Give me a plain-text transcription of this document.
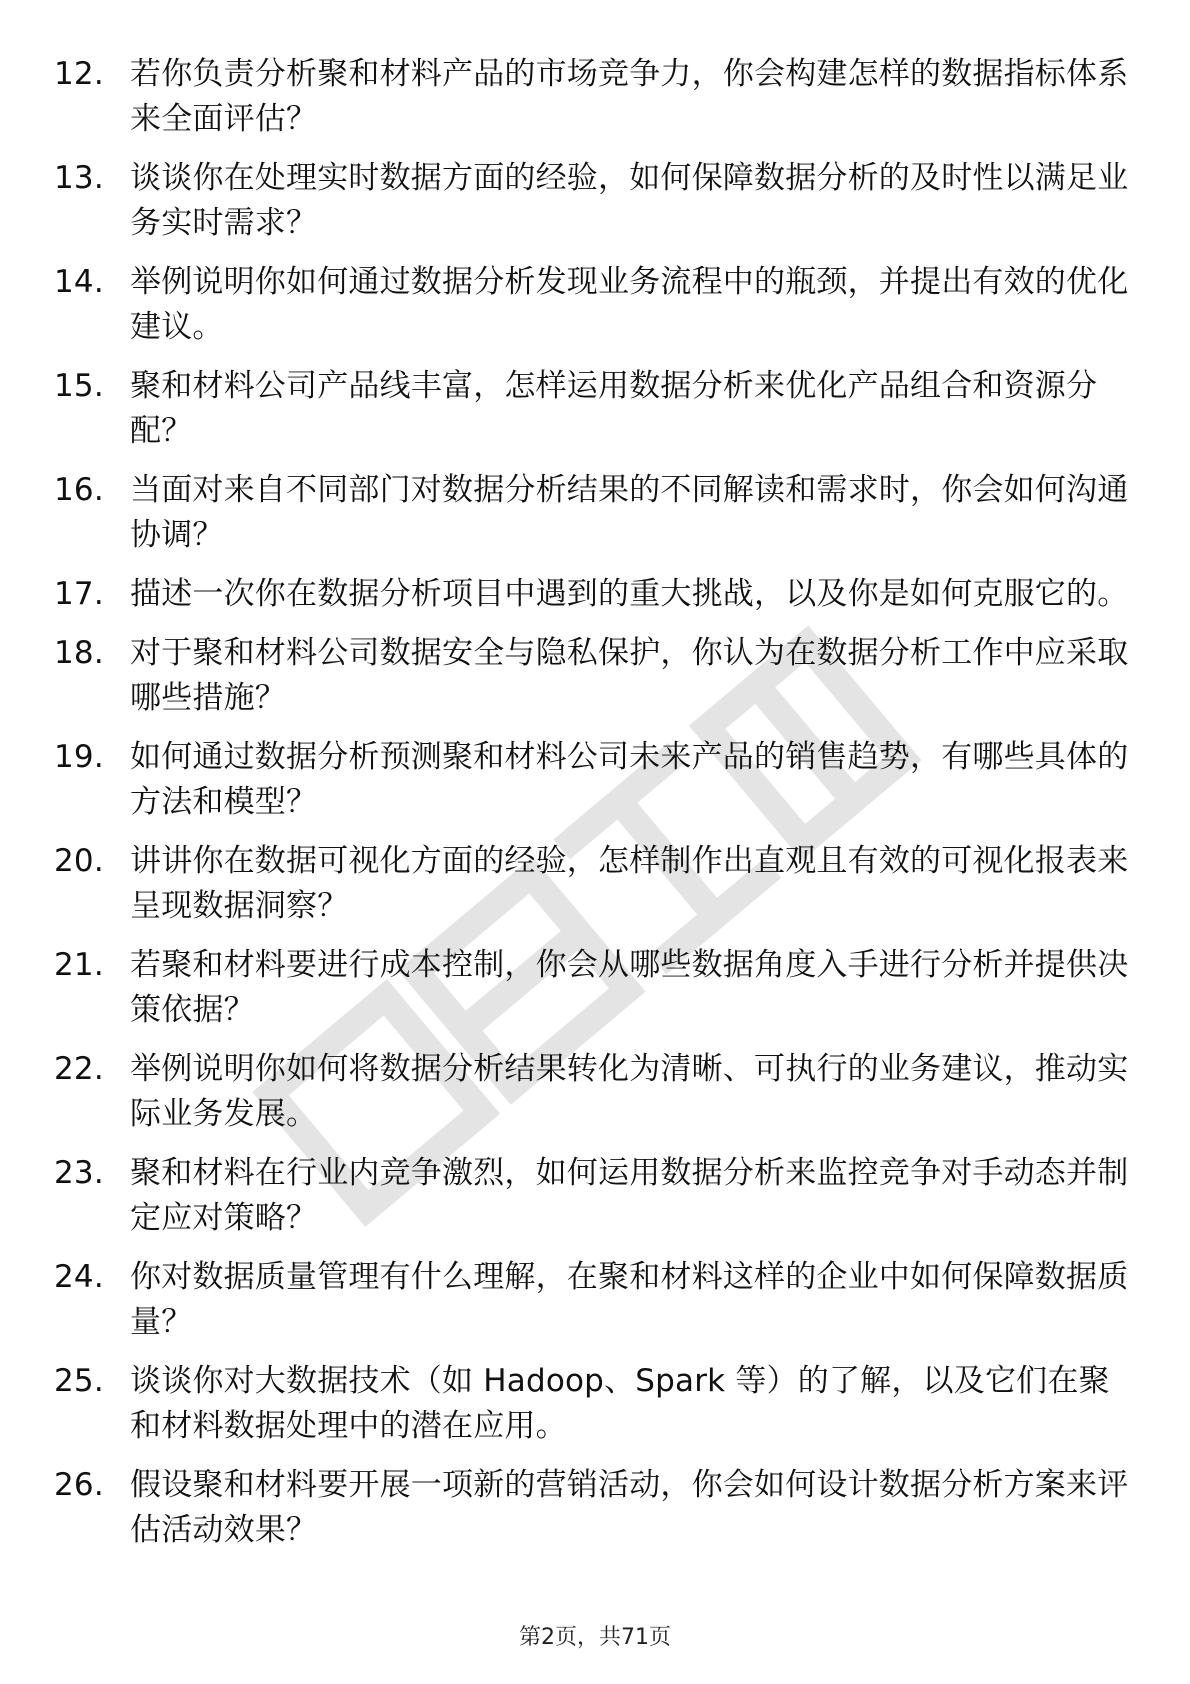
12. 若你负责分析聚和材料产品的市场竞争力，你会构建怎样的数据指标体系来全面评估？
13. 谈谈你在处理实时数据方面的经验，如何保障数据分析的及时性以满足业务实时需求？
14. 举例说明你如何通过数据分析发现业务流程中的瓶颈，并提出有效的优化建议。
15. 聚和材料公司产品线丰富，怎样运用数据分析来优化产品组合和资源分配？
16. 当面对来自不同部门对数据分析结果的不同解读和需求时，你会如何沟通协调？
17. 描述一次你在数据分析项目中遇到的重大挑战，以及你是如何克服它的。
18. 对于聚和材料公司数据安全与隐私保护，你认为在数据分析工作中应采取哪些措施？
19. 如何通过数据分析预测聚和材料公司未来产品的销售趋势，有哪些具体的方法和模型？
20. 讲讲你在数据可视化方面的经验，怎样制作出直观且有效的可视化报表来呈现数据洞察？
21. 若聚和材料要进行成本控制，你会从哪些数据角度入手进行分析并提供决策依据？
22. 举例说明你如何将数据分析结果转化为清晰、可执行的业务建议，推动实际业务发展。
23. 聚和材料在行业内竞争激烈，如何运用数据分析来监控竞争对手动态并制定应对策略？
24. 你对数据质量管理有什么理解，在聚和材料这样的企业中如何保障数据质量？
25. 谈谈你对大数据技术（如 Hadoop、Spark 等）的了解，以及它们在聚和材料数据处理中的潜在应用。
26. 假设聚和材料要开展一项新的营销活动，你会如何设计数据分析方案来评估活动效果？
第2页，共71页
